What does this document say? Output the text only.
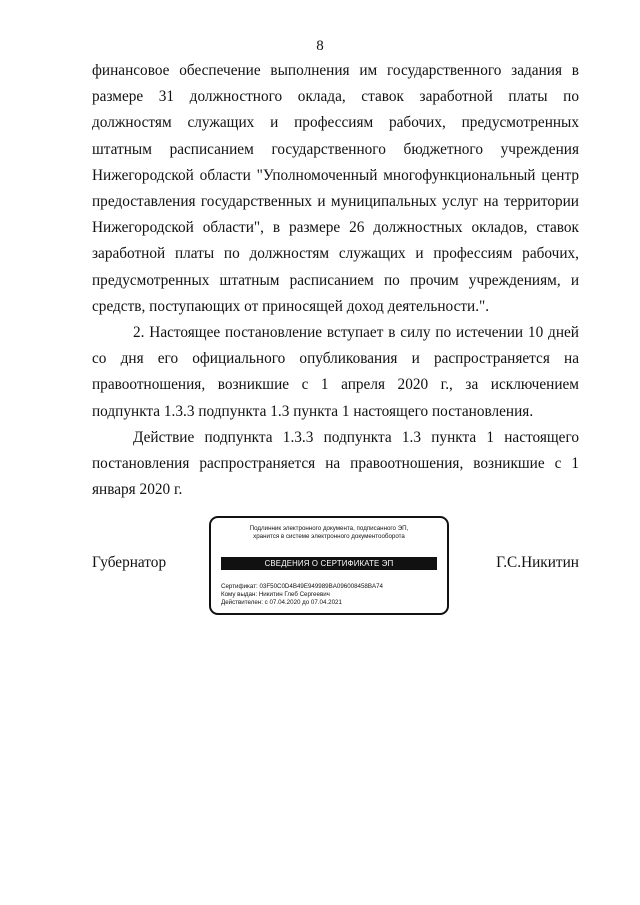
8

финансовое обеспечение выполнения им государственного задания в размере 31 должностного оклада, ставок заработной платы по должностям служащих и профессиям рабочих, предусмотренных штатным расписанием государственного бюджетного учреждения Нижегородской области "Уполномоченный многофункциональный центр предоставления государственных и муниципальных услуг на территории Нижегородской области", в размере 26 должностных окладов, ставок заработной платы по должностям служащих и профессиям рабочих, предусмотренных штатным расписанием по прочим учреждениям, и средств, поступающих от приносящей доход деятельности.".

2. Настоящее постановление вступает в силу по истечении 10 дней со дня его официального опубликования и распространяется на правоотношения, возникшие с 1 апреля 2020 г., за исключением подпункта 1.3.3 подпункта 1.3 пункта 1 настоящего постановления.

Действие подпункта 1.3.3 подпункта 1.3 пункта 1 настоящего постановления распространяется на правоотношения, возникшие с 1 января 2020 г.

Губернатор	Г.С.Никитин
Подлинник электронного документа, подписанного ЭП,
хранится в системе электронного документооборота
СВЕДЕНИЯ О СЕРТИФИКАТЕ ЭП
Сертификат: 03F50C0D4B49E949989BA096008458BA74
Кому выдан: Никитин Глеб Сергеевич
Действителен: с 07.04.2020 до 07.04.2021
